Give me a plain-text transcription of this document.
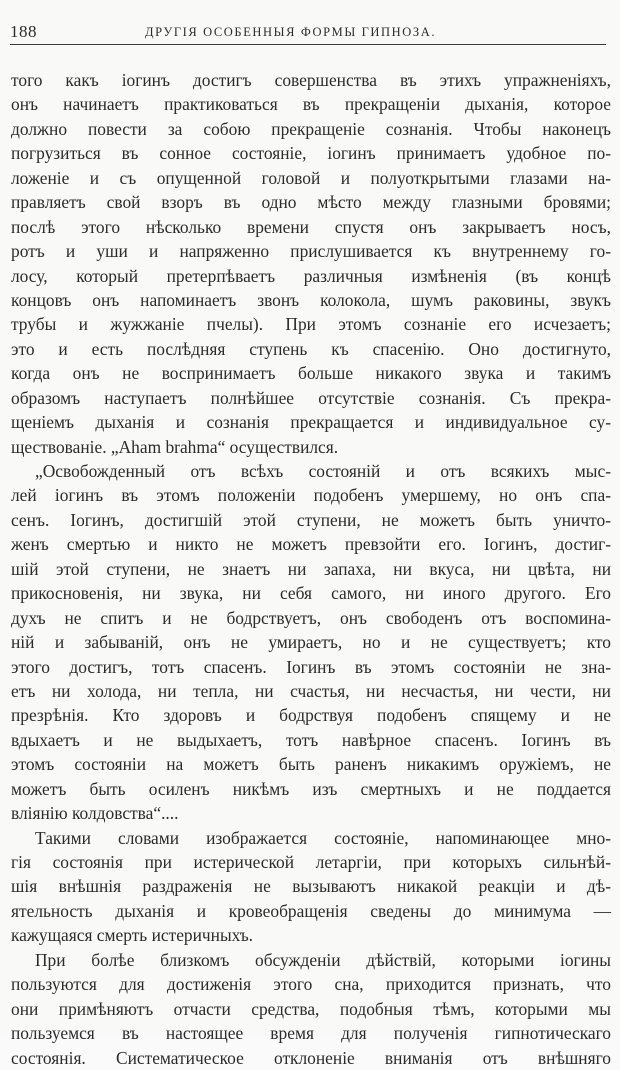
188	ДРУГІЯ ОСОБЕННЫЯ ФОРМЫ ГИПНОЗА.
того какъ іогинъ достигъ совершенства въ этихъ упражненіяхъ,
онъ начинаетъ практиковаться въ прекращеніи дыханія, которое
должно повести за собою прекращеніе сознанія. Чтобы наконецъ
погрузиться въ сонное состояніе, іогинъ принимаетъ удобное по-
ложеніе и съ опущенной головой и полуоткрытыми глазами на-
правляетъ свой взоръ въ одно мѣсто между глазными бровями;
послѣ этого нѣсколько времени спустя онъ закрываетъ носъ,
ротъ и уши и напряженно прислушивается къ внутреннему го-
лосу, который претерпѣваетъ различныя измѣненія (въ концѣ
концовъ онъ напоминаетъ звонъ колокола, шумъ раковины, звукъ
трубы и жужжаніе пчелы). При этомъ сознаніе его исчезаетъ;
это и есть послѣдняя ступень къ спасенію. Оно достигнуто,
когда онъ не воспринимаетъ больше никакого звука и такимъ
образомъ наступаетъ полнѣйшее отсутствіе сознанія. Съ прекра-
щеніемъ дыханія и сознанія прекращается и индивидуальное су-
ществованіе. „Aham brahma“ осуществился.
„Освобожденный отъ всѣхъ состояній и отъ всякихъ мыс-
лей іогинъ въ этомъ положеніи подобенъ умершему, но онъ спа-
сенъ. Іогинъ, достигшій этой ступени, не можетъ быть уничто-
женъ смертью и никто не можетъ превзойти его. Іогинъ, достиг-
шій этой ступени, не знаетъ ни запаха, ни вкуса, ни цвѣта, ни
прикосновенія, ни звука, ни себя самого, ни иного другого. Его
духъ не спитъ и не бодрствуетъ, онъ свободенъ отъ воспомина-
ній и забываній, онъ не умираетъ, но и не существуетъ; кто
этого достигъ, тотъ спасенъ. Іогинъ въ этомъ состояніи не зна-
етъ ни холода, ни тепла, ни счастья, ни несчастья, ни чести, ни
презрѣнія. Кто здоровъ и бодрствуя подобенъ спящему и не
вдыхаетъ и не выдыхаетъ, тотъ навѣрное спасенъ. Іогинъ въ
этомъ состояніи на можетъ быть раненъ никакимъ оружіемъ, не
можетъ быть осиленъ никѣмъ изъ смертныхъ и не поддается
вліянію колдовства“....
Такими словами изображается состояніе, напоминающее мно-
гія состоянія при истерической летаргіи, при которыхъ сильнѣй-
шія внѣшнія раздраженія не вызываютъ никакой реакціи и дѣ-
ятельность дыханія и кровеобращенія сведены до минимума —
кажущаяся смерть истеричныхъ.
При болѣе близкомъ обсужденіи дѣйствій, которыми іогины
пользуются для достиженія этого сна, приходится признать, что
они примѣняютъ отчасти средства, подобныя тѣмъ, которыми мы
пользуемся въ настоящее время для полученія гипнотическаго
состоянія. Систематическое отклоненіе вниманія отъ внѣшняго
